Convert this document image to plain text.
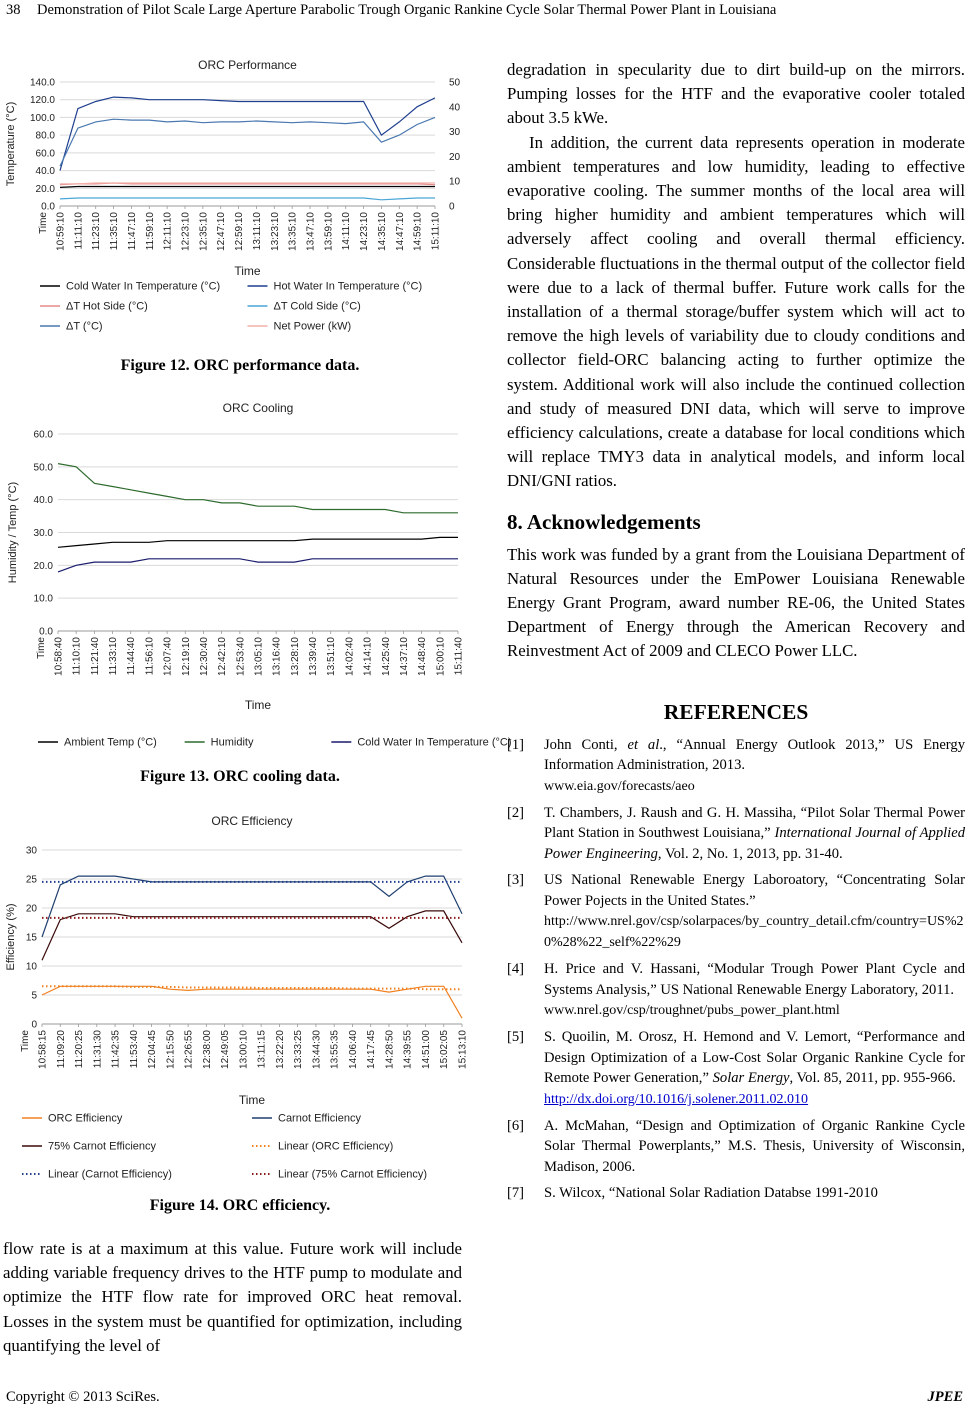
38 Demonstration of Pilot Scale Large Aperture Parabolic Trough Organic Rankine Cycle Solar Thermal Power Plant in Louisiana
ORC Performance
0.0
20.0
40.0
60.0
80.0
100.0
120.0
140.0
0
10
20
30
40
50
Temperature (°C)
10:59:10 11:11:10 11:23:10 11:35:10 11:47:10 11:59:10 12:11:10 12:23:10 12:35:10 12:47:10 12:59:10 13:11:10 13:23:10 13:35:10 13:47:10 13:59:10 14:11:10 14:23:10 14:35:10 14:47:10 14:59:10 15:11:10
Time
Time
Cold Water In Temperature (°C)	Hot Water In Temperature (°C)
ΔT Hot Side (°C)	ΔT Cold Side (°C)
ΔT (°C)	Net Power (kW)
Figure 12. ORC performance data.
ORC Cooling
0.0
10.0
20.0
30.0
40.0
50.0
60.0
Humidity / Temp (°C)
10:58:40 11:10:10 11:21:40 11:33:10 11:44:40 11:56:10 12:07:40 12:19:10 12:30:40 12:42:10 12:53:40 13:05:10 13:16:40 13:28:10 13:39:40 13:51:10 14:02:40 14:14:10 14:25:40 14:37:10 14:48:40 15:00:10 15:11:40
Time
Time
Ambient Temp (°C)	Humidity	Cold Water In Temperature (°C)
Figure 13. ORC cooling data.
ORC Efficiency
0
5
10
15
20
25
30
Efficiency (%)
10:58:15 11:09:20 11:20:25 11:31:30 11:42:35 11:53:40 12:04:45 12:15:50 12:26:55 12:38:00 12:49:05 13:00:10 13:11:15 13:22:20 13:33:25 13:44:30 13:55:35 14:06:40 14:17:45 14:28:50 14:39:55 14:51:00 15:02:05 15:13:10
Time
Time
ORC Efficiency	Carnot Efficiency
75% Carnot Efficiency	Linear (ORC Efficiency)
Linear (Carnot Efficiency)	Linear (75% Carnot Efficiency)
Figure 14. ORC efficiency.

flow rate is at a maximum at this value. Future work will include adding variable frequency drives to the HTF pump to modulate and optimize the HTF flow rate for improved ORC heat removal. Losses in the system must be quantified for optimization, including quantifying the level of

degradation in specularity due to dirt build-up on the mirrors. Pumping losses for the HTF and the evaporative cooler totaled about 3.5 kWe.

In addition, the current data represents operation in moderate ambient temperatures and low humidity, leading to effective evaporative cooling. The summer months of the local area will bring higher humidity and ambient temperatures which will adversely affect cooling and overall thermal efficiency. Considerable fluctuations in the thermal output of the collector field were due to a lack of thermal buffer. Future work calls for the installation of a thermal storage/buffer system which will act to remove the high levels of variability due to cloudy conditions and collector field-ORC balancing acting to further optimize the system. Additional work will also include the continued collection and study of measured DNI data, which will serve to improve efficiency calculations, create a database for local conditions which will replace TMY3 data in analytical models, and inform local DNI/GNI ratios.

8. Acknowledgements

This work was funded by a grant from the Louisiana Department of Natural Resources under the EmPower Louisiana Renewable Energy Grant Program, award number RE-06, the United States Department of Energy through the American Recovery and Reinvestment Act of 2009 and CLECO Power LLC.

REFERENCES
[1]	John Conti, et al., “Annual Energy Outlook 2013,” US Energy Information Administration, 2013.
www.eia.gov/forecasts/aeo
[2]	T. Chambers, J. Raush and G. H. Massiha, “Pilot Solar Thermal Power Plant Station in Southwest Louisiana,” International Journal of Applied Power Engineering, Vol. 2, No. 1, 2013, pp. 31-40.
[3]	US National Renewable Energy Laboroatory, “Concentrating Solar Power Pojects in the United States.”
http://www.nrel.gov/csp/solarpaces/by_country_detail.cfm/country=US%20%28%22_self%22%29
[4]	H. Price and V. Hassani, “Modular Trough Power Plant Cycle and Systems Analysis,” US National Renewable Energy Laboratory, 2011.
www.nrel.gov/csp/troughnet/pubs_power_plant.html
[5]	S. Quoilin, M. Orosz, H. Hemond and V. Lemort, “Performance and Design Optimization of a Low-Cost Solar Organic Rankine Cycle for Remote Power Generation,” Solar Energy, Vol. 85, 2011, pp. 955-966.
http://dx.doi.org/10.1016/j.solener.2011.02.010
[6]	A. McMahan, “Design and Optimization of Organic Rankine Cycle Solar Thermal Powerplants,” M.S. Thesis, University of Wisconsin, Madison, 2006.
[7]	S. Wilcox, “National Solar Radiation Databse 1991-2010
Copyright © 2013 SciRes.	JPEE
